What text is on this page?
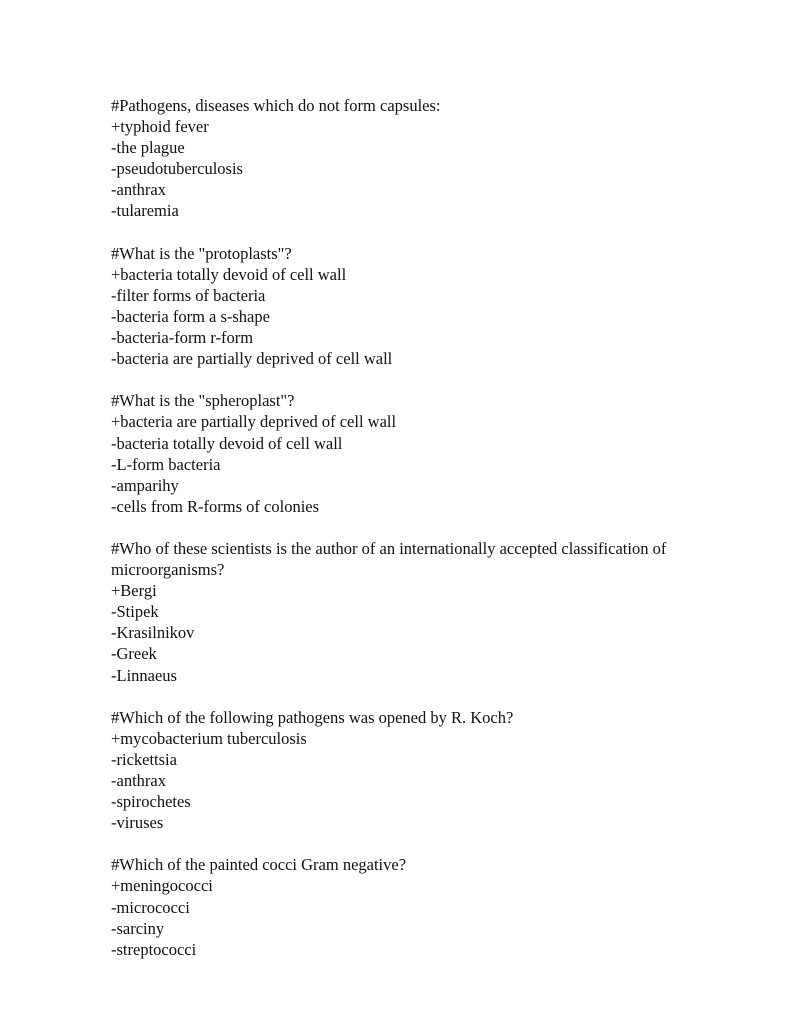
#Pathogens, diseases which do not form capsules:
+typhoid fever
-the plague
-pseudotuberculosis
-anthrax
-tularemia
#What is the "protoplasts"?
+bacteria totally devoid of cell wall
-filter forms of bacteria
-bacteria form a s-shape
-bacteria-form r-form
-bacteria are partially deprived of cell wall
#What is the "spheroplast"?
+bacteria are partially deprived of cell wall
-bacteria totally devoid of cell wall
-L-form bacteria
-amparihy
-cells from R-forms of colonies
#Who of these scientists is the author of an internationally accepted classification of microorganisms?
+Bergi
-Stipek
-Krasilnikov
-Greek
-Linnaeus
#Which of the following pathogens was opened by R. Koch?
+mycobacterium tuberculosis
-rickettsia
-anthrax
-spirochetes
-viruses
#Which of the painted cocci Gram negative?
+meningococci
-micrococci
-sarciny
-streptococci
